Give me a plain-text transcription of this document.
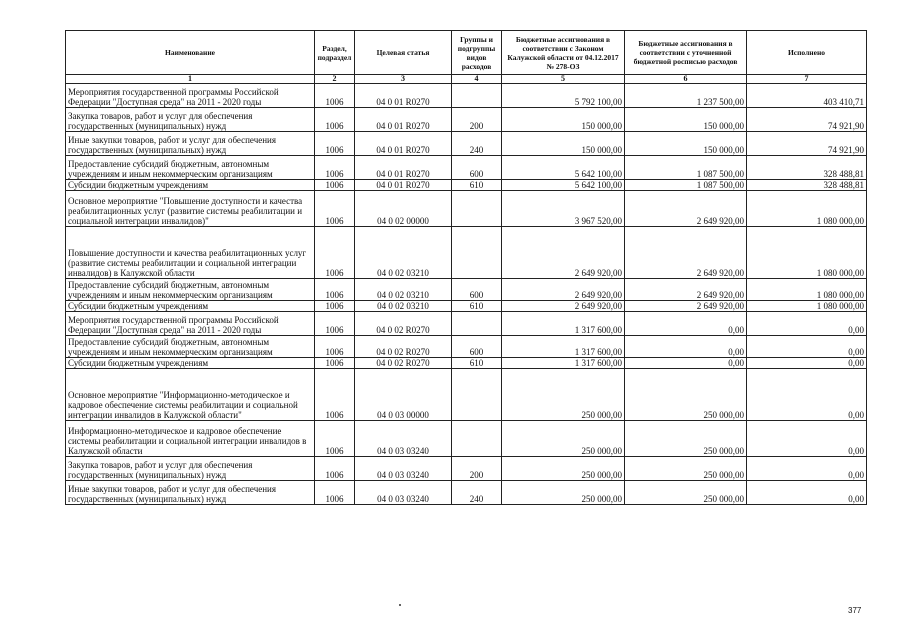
Наименование	Раздел, подраздел	Целевая статья	Группы и подгруппы видов расходов	Бюджетные ассигнования в соответствии с Законом Калужской области от 04.12.2017 № 278-ОЗ	Бюджетные ассигнования в соответствии с уточненной бюджетной росписью расходов	Исполнено
1	2	3	4	5	6	7
Мероприятия государственной программы Российской Федерации "Доступная среда" на 2011 - 2020 годы	1006	04 0 01 R0270		5 792 100,00	1 237 500,00	403 410,71
Закупка товаров, работ и услуг для обеспечения государственных (муниципальных) нужд	1006	04 0 01 R0270	200	150 000,00	150 000,00	74 921,90
Иные закупки товаров, работ и услуг для обеспечения государственных (муниципальных) нужд	1006	04 0 01 R0270	240	150 000,00	150 000,00	74 921,90
Предоставление субсидий бюджетным, автономным учреждениям и иным некоммерческим организациям	1006	04 0 01 R0270	600	5 642 100,00	1 087 500,00	328 488,81
Субсидии бюджетным учреждениям	1006	04 0 01 R0270	610	5 642 100,00	1 087 500,00	328 488,81
Основное мероприятие "Повышение доступности и качества реабилитационных услуг (развитие системы реабилитации и социальной интеграции инвалидов)"	1006	04 0 02 00000		3 967 520,00	2 649 920,00	1 080 000,00
Повышение доступности и качества реабилитационных услуг (развитие системы реабилитации и социальной интеграции инвалидов) в Калужской области	1006	04 0 02 03210		2 649 920,00	2 649 920,00	1 080 000,00
Предоставление субсидий бюджетным, автономным учреждениям и иным некоммерческим организациям	1006	04 0 02 03210	600	2 649 920,00	2 649 920,00	1 080 000,00
Субсидии бюджетным учреждениям	1006	04 0 02 03210	610	2 649 920,00	2 649 920,00	1 080 000,00
Мероприятия государственной программы Российской Федерации "Доступная среда" на 2011 - 2020 годы	1006	04 0 02 R0270		1 317 600,00	0,00	0,00
Предоставление субсидий бюджетным, автономным учреждениям и иным некоммерческим организациям	1006	04 0 02 R0270	600	1 317 600,00	0,00	0,00
Субсидии бюджетным учреждениям	1006	04 0 02 R0270	610	1 317 600,00	0,00	0,00
Основное мероприятие "Информационно-методическое и кадровое обеспечение системы реабилитации и социальной интеграции инвалидов в Калужской области"	1006	04 0 03 00000		250 000,00	250 000,00	0,00
Информационно-методическое и кадровое обеспечение системы реабилитации и социальной интеграции инвалидов в Калужской области	1006	04 0 03 03240		250 000,00	250 000,00	0,00
Закупка товаров, работ и услуг для обеспечения государственных (муниципальных) нужд	1006	04 0 03 03240	200	250 000,00	250 000,00	0,00
Иные закупки товаров, работ и услуг для обеспечения государственных (муниципальных) нужд	1006	04 0 03 03240	240	250 000,00	250 000,00	0,00
377
